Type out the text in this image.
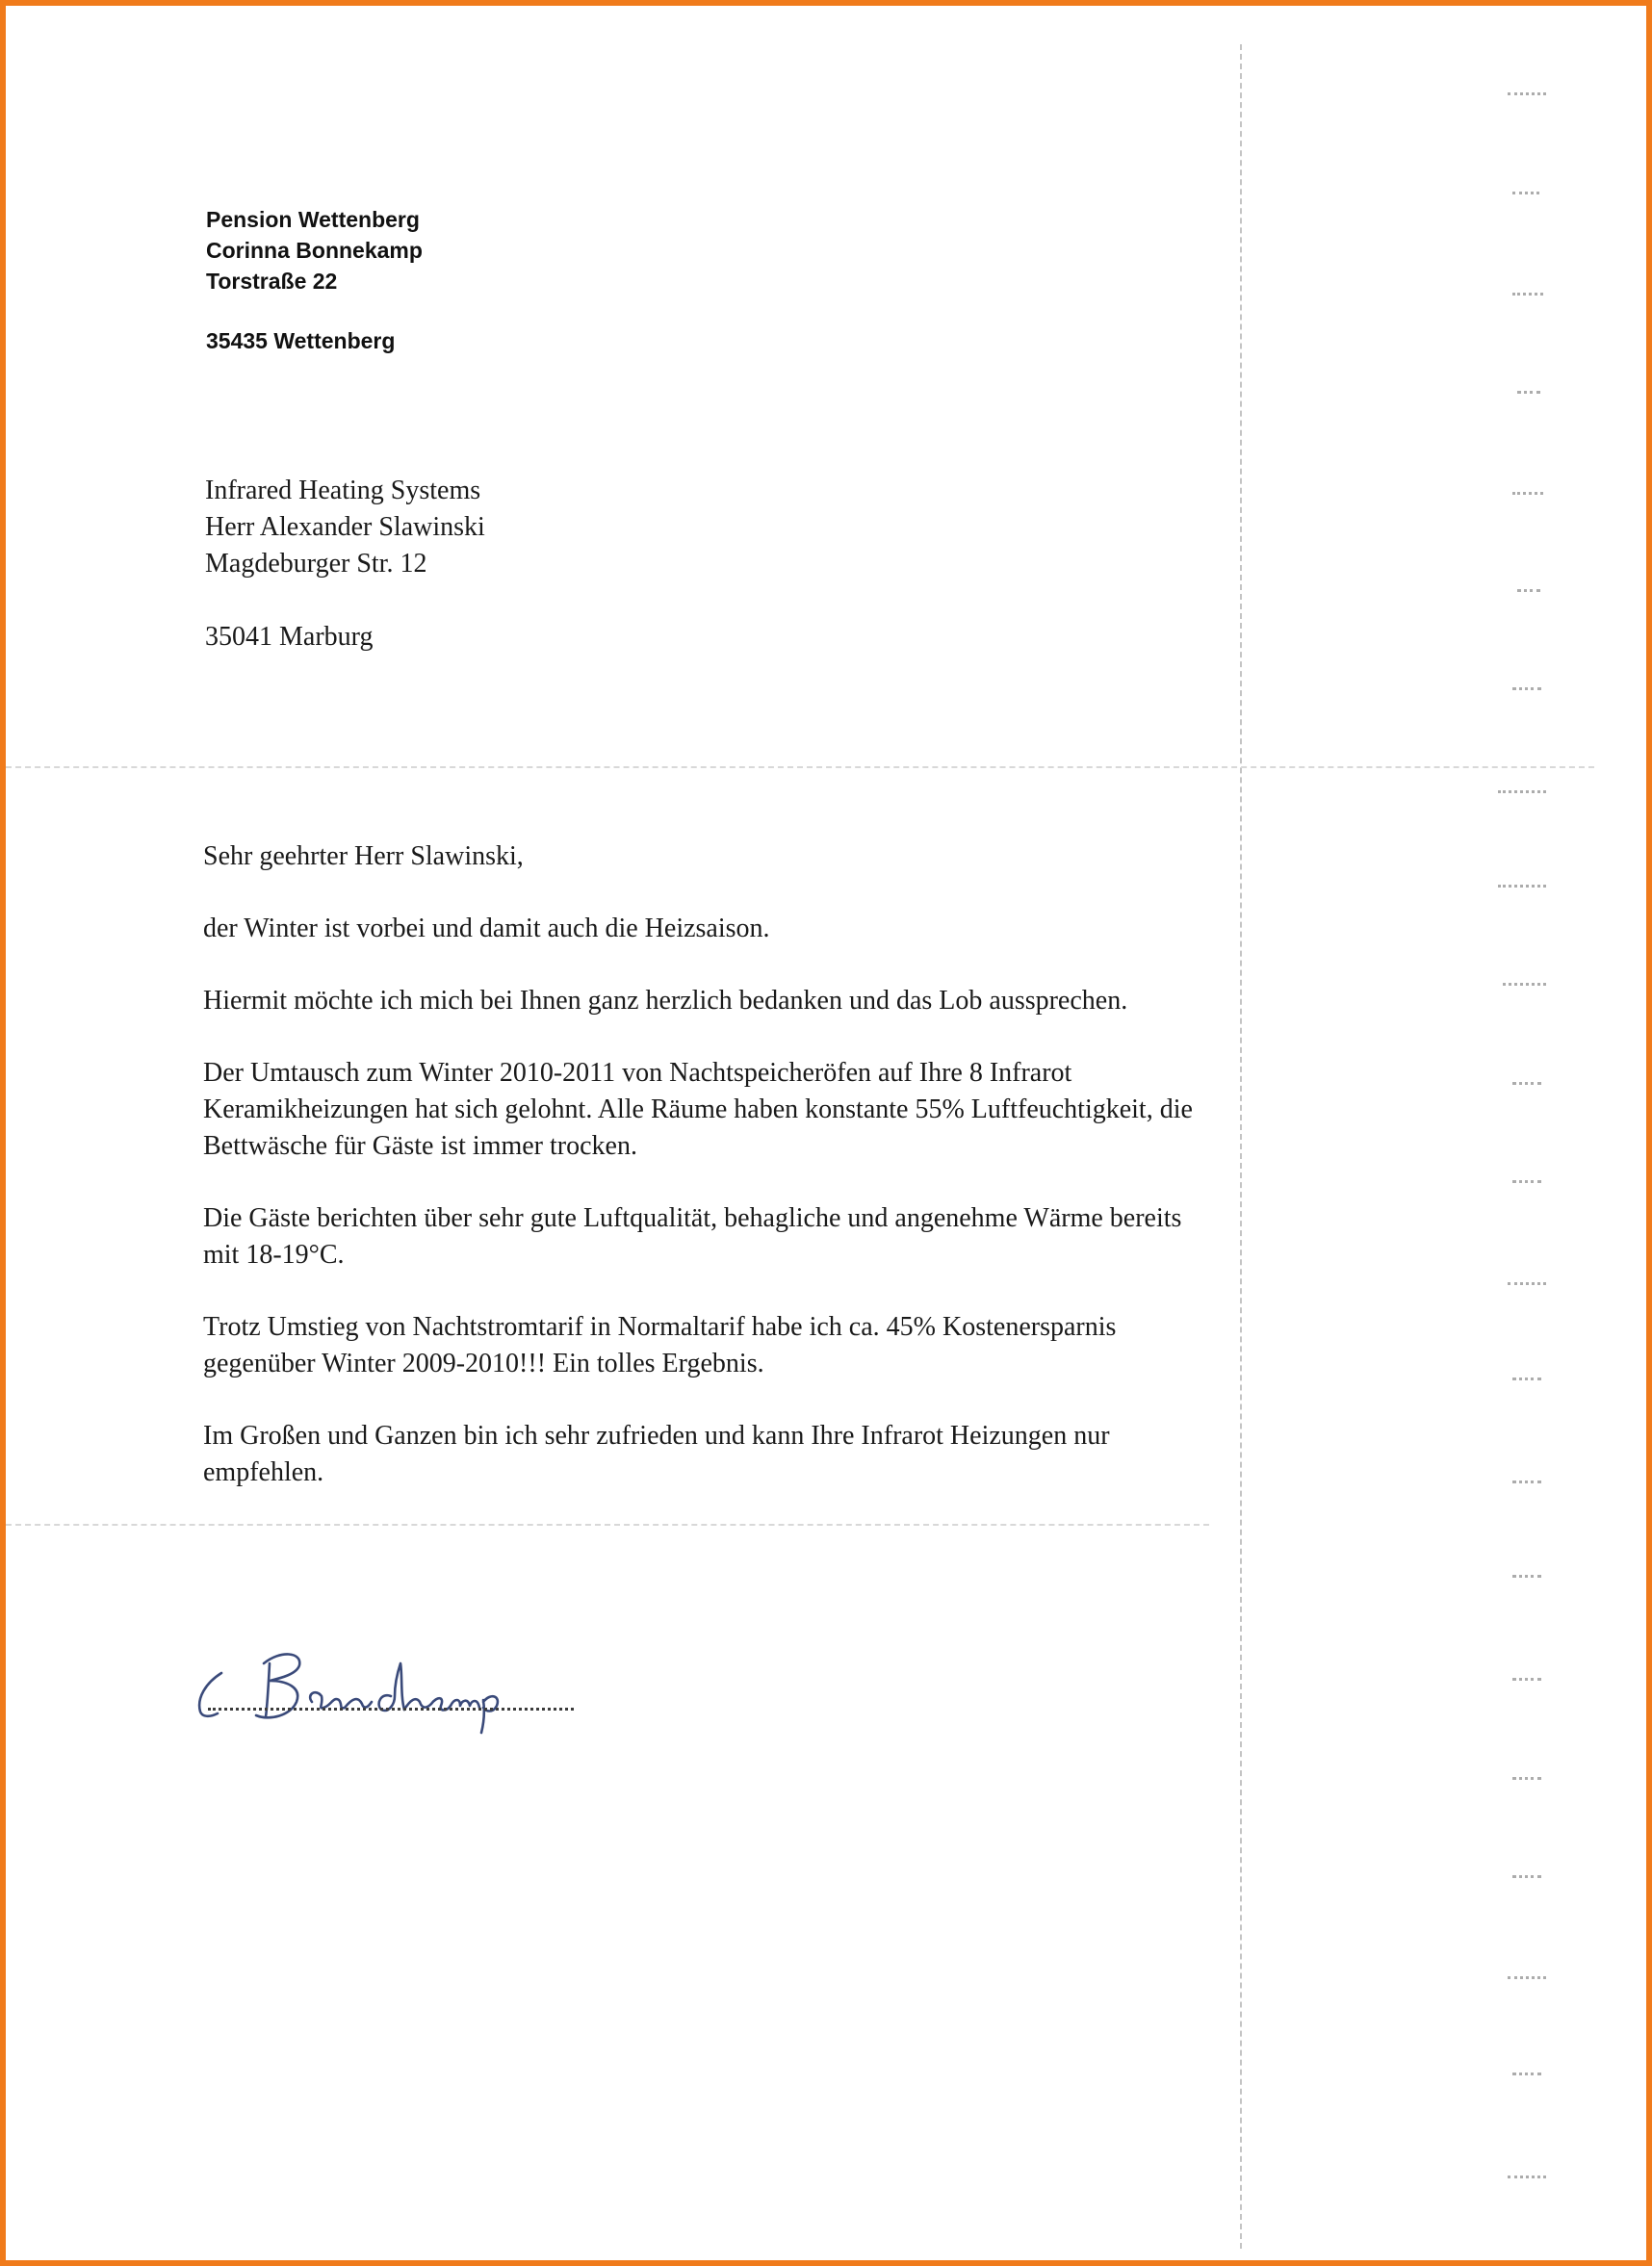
Pension Wettenberg
Corinna Bonnekamp
Torstraße 22
35435 Wettenberg
Infrared Heating Systems
Herr Alexander Slawinski
Magdeburger Str. 12
35041 Marburg

Sehr geehrter Herr Slawinski,

der Winter ist vorbei und damit auch die Heizsaison.

Hiermit möchte ich mich bei Ihnen ganz herzlich bedanken und das Lob aussprechen.

Der Umtausch zum Winter 2010-2011 von Nachtspeicheröfen auf Ihre 8 Infrarot
Keramikheizungen hat sich gelohnt. Alle Räume haben konstante 55% Luftfeuchtigkeit, die
Bettwäsche für Gäste ist immer trocken.

Die Gäste berichten über sehr gute Luftqualität, behagliche und angenehme Wärme bereits
mit 18-19°C.

Trotz Umstieg von Nachtstromtarif in Normaltarif habe ich ca. 45% Kostenersparnis
gegenüber Winter 2009-2010!!! Ein tolles Ergebnis.

Im Großen und Ganzen bin ich sehr zufrieden und kann Ihre Infrarot Heizungen nur
empfehlen.
